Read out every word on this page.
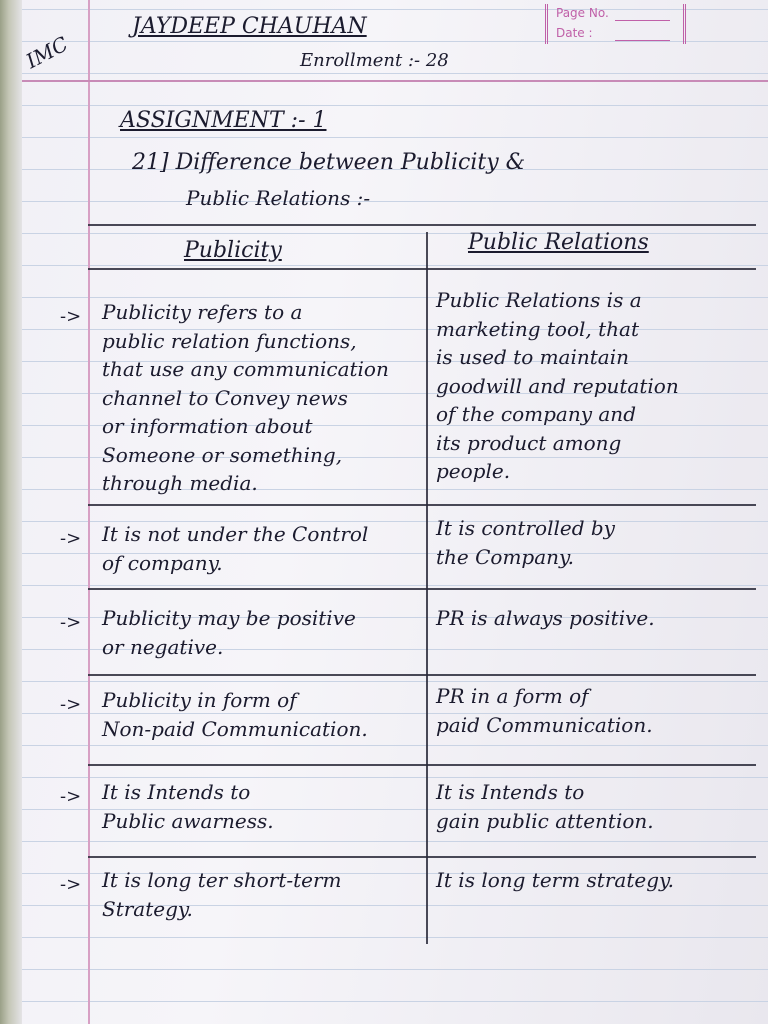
Page No.
Date :
IMC
JAYDEEP CHAUHAN
Enrollment :- 28
ASSIGNMENT :- 1
21] Difference between Publicity &
Public Relations :-
Publicity	Public Relations
-> Publicity refers to a
public relation functions,
that use any communication
channel to Convey news
or information about
Someone or something,
through media.
Public Relations is a
marketing tool, that
is used to maintain
goodwill and reputation
of the company and
its product among
people.
-> It is not under the Control
of company.
It is controlled by
the Company.
-> Publicity may be positive
or negative.
PR is always positive.
-> Publicity in form of
Non-paid Communication.
PR in a form of
paid Communication.
-> It is Intends to
Public awarness.
It is Intends to
gain public attention.
-> It is long ter short-term
Strategy.
It is long term strategy.
